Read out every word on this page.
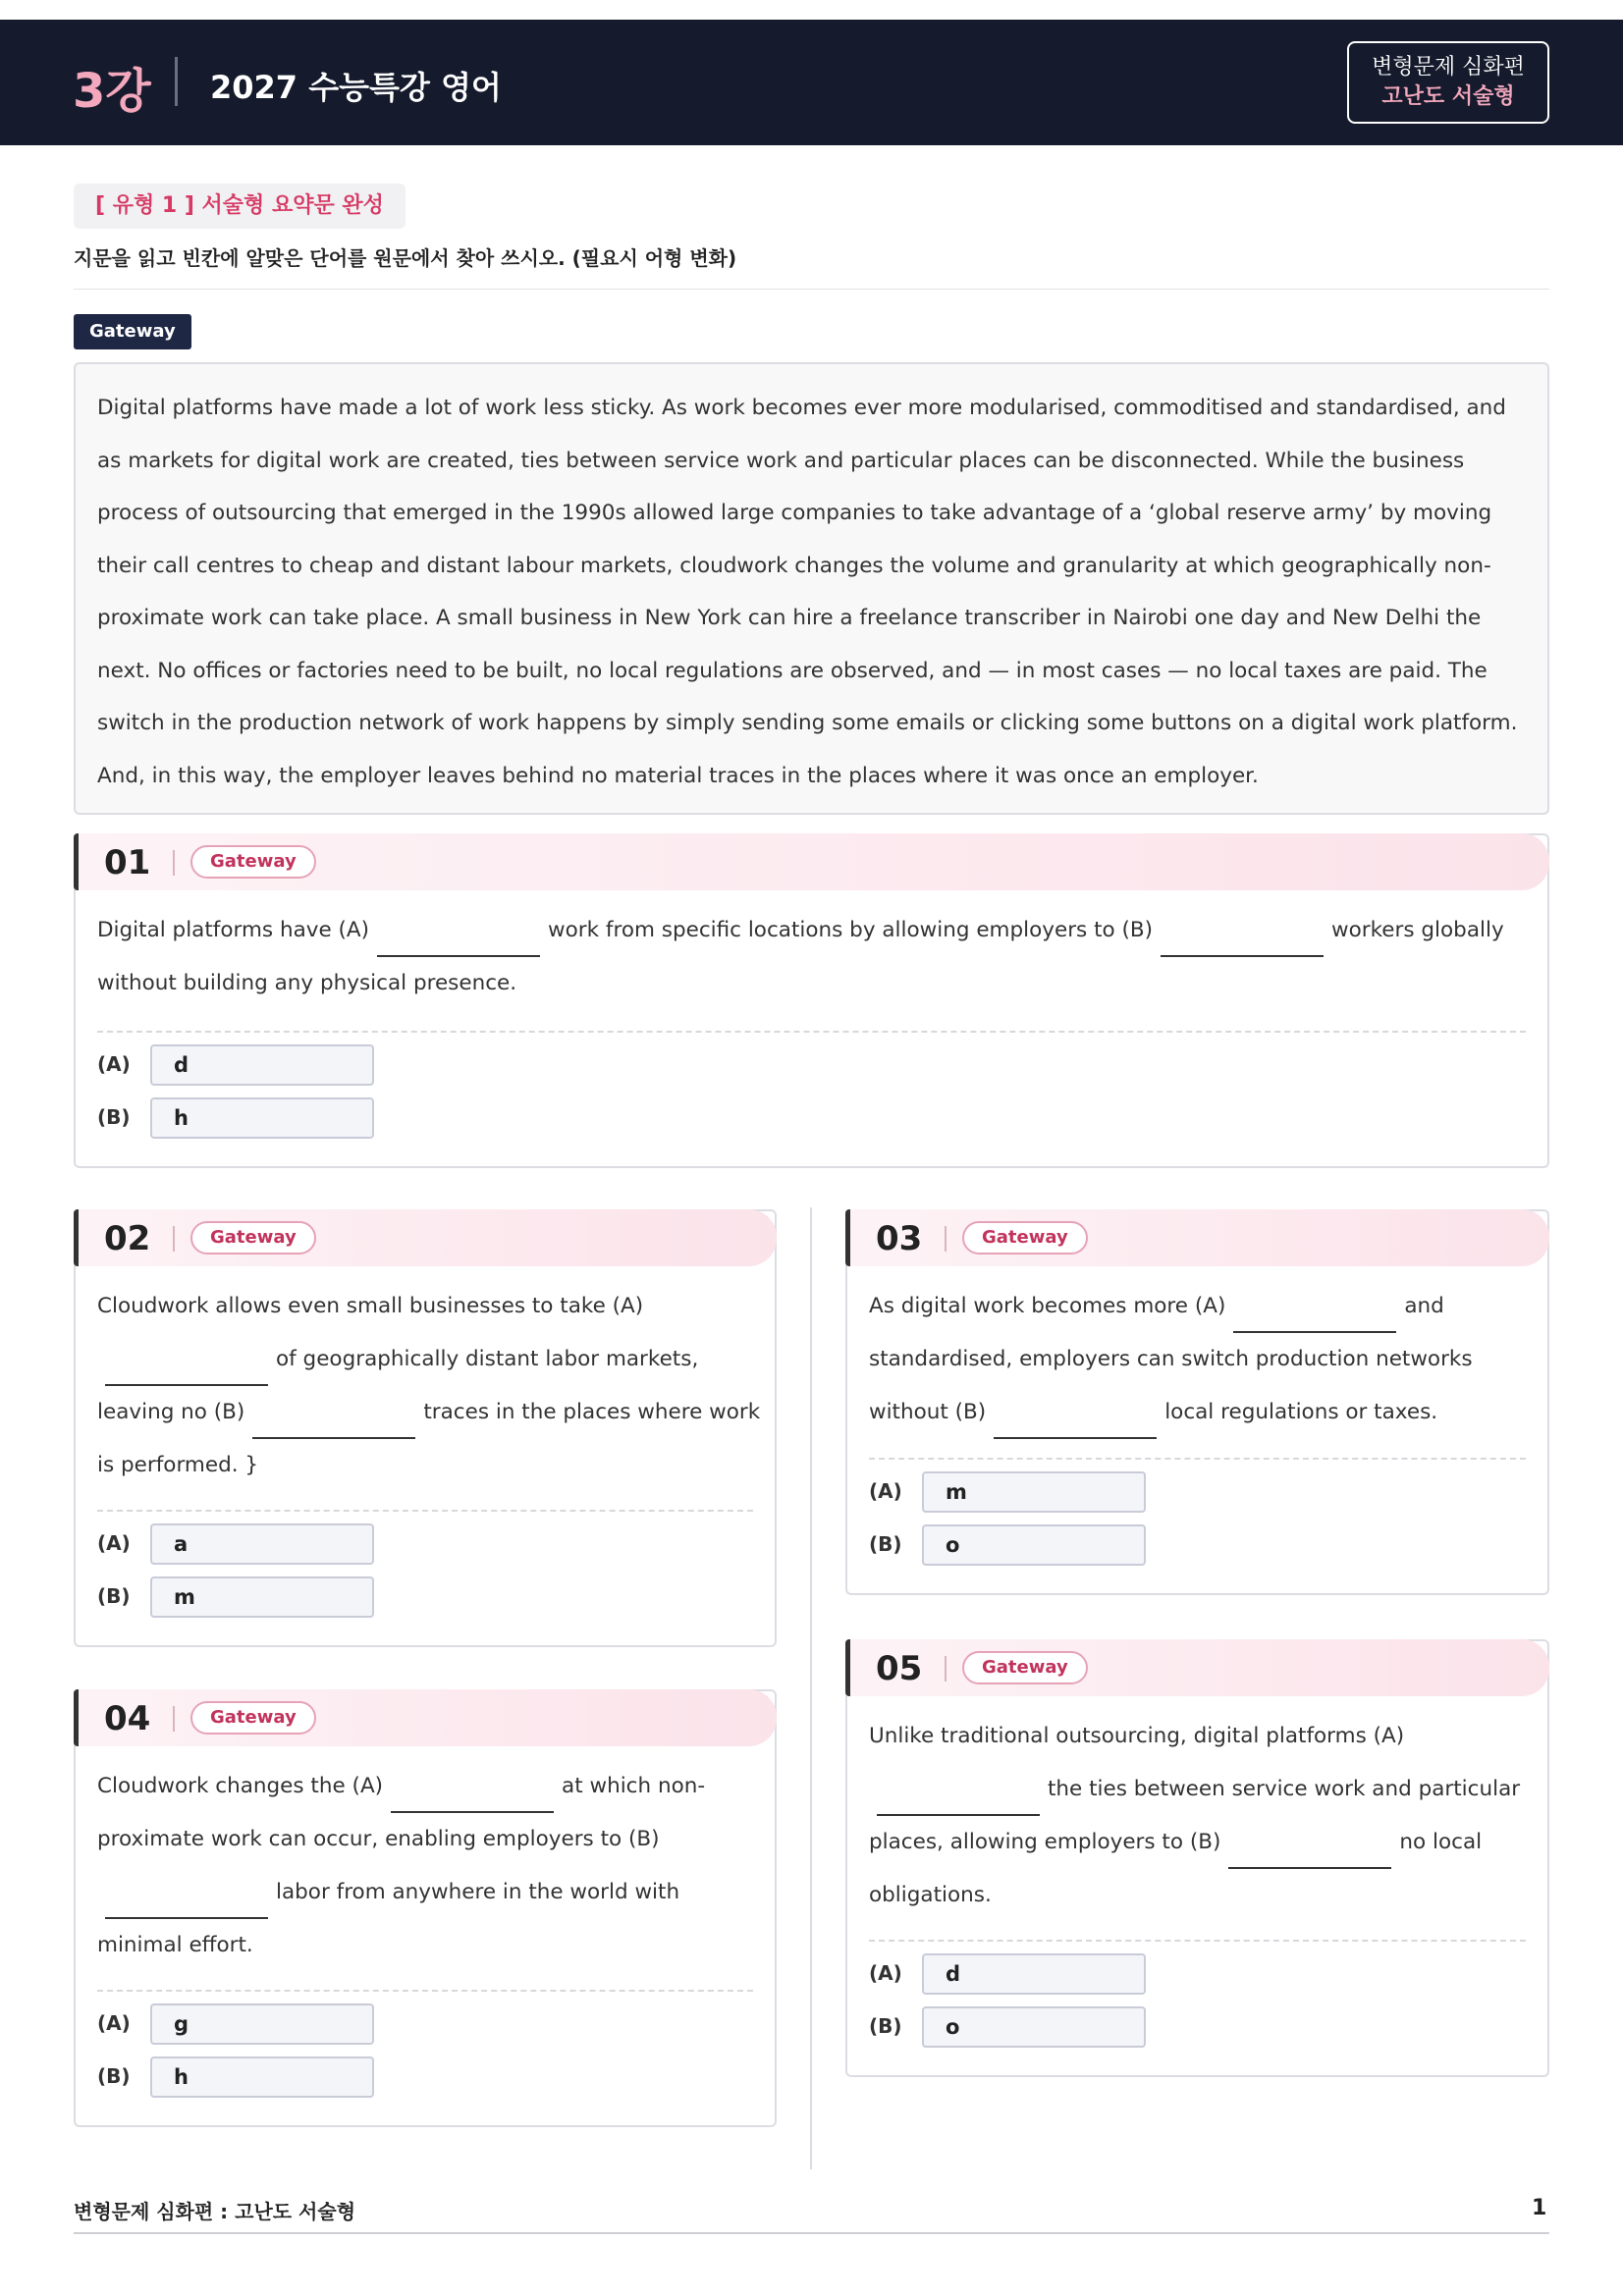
3강 2027 수능특강 영어
변형문제 심화편
고난도 서술형
[ 유형 1 ] 서술형 요약문 완성
지문을 읽고 빈칸에 알맞은 단어를 원문에서 찾아 쓰시오. (필요시 어형 변화)
Gateway
Digital platforms have made a lot of work less sticky. As work becomes ever more modularised, commoditised and standardised, and as markets for digital work are created, ties between service work and particular places can be disconnected. While the business process of outsourcing that emerged in the 1990s allowed large companies to take advantage of a ‘global reserve army’ by moving their call centres to cheap and distant labour markets, cloudwork changes the volume and granularity at which geographically non-proximate work can take place. A small business in New York can hire a freelance transcriber in Nairobi one day and New Delhi the next. No offices or factories need to be built, no local regulations are observed, and — in most cases — no local taxes are paid. The switch in the production network of work happens by simply sending some emails or clicking some buttons on a digital work platform. And, in this way, the employer leaves behind no material traces in the places where it was once an employer.
01	Gateway
Digital platforms have (A)	work from specific locations by allowing employers to (B)	workers globally without building any physical presence.
(A)	d
(B)	h
02	Gateway
Cloudwork allows even small businesses to take (A)of geographically distant labor markets, leaving no (B)	traces in the places where work is performed. }
(A)	a
(B)	m
03	Gateway
As digital work becomes more (A)	and standardised, employers can switch production networks without (B)	local regulations or taxes.
(A)	m
(B)	o
04	Gateway
Cloudwork changes the (A)	at which non-proximate work can occur, enabling employers to (B)labor from anywhere in the world with minimal effort.
(A)	g
(B)	h
05	Gateway
Unlike traditional outsourcing, digital platforms (A)the ties between service work and particular places, allowing employers to (B)	no local obligations.
(A)	d
(B)	o
변형문제 심화편 : 고난도 서술형	1
